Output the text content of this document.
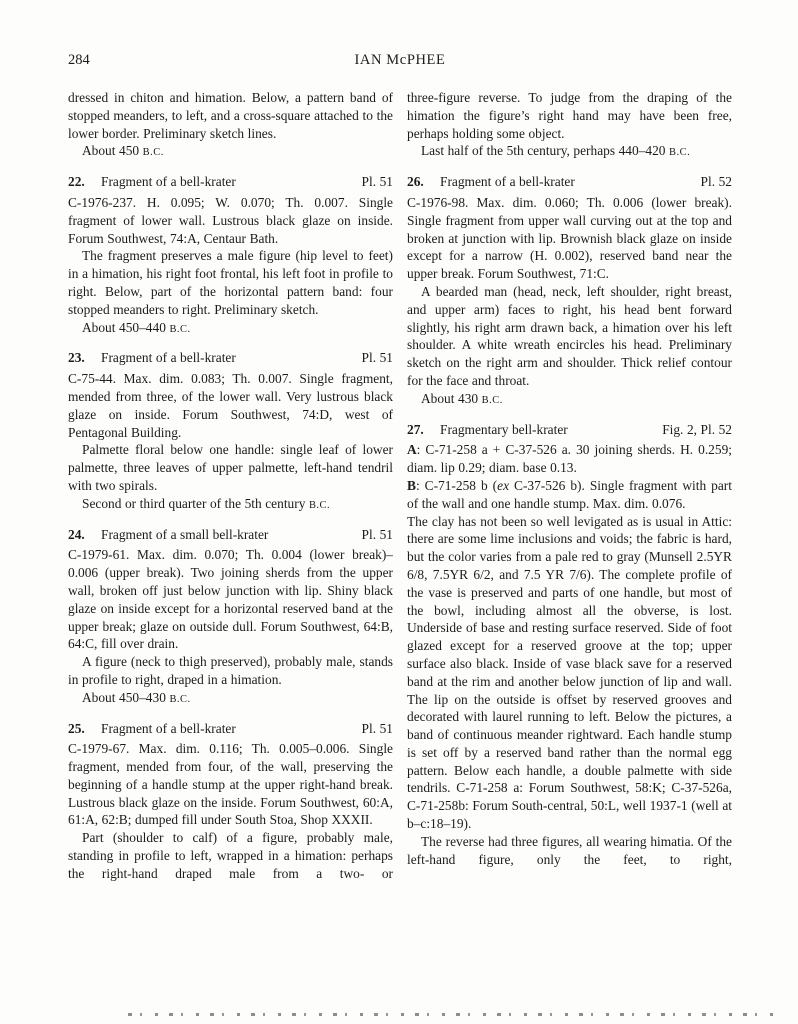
284	IAN McPHEE

dressed in chiton and himation. Below, a pattern band of stopped meanders, to left, and a cross-square attached to the lower border. Preliminary sketch lines.

About 450 B.C.

22.	Fragment of a bell-krater	Pl. 51

C-1976-237. H. 0.095; W. 0.070; Th. 0.007. Single fragment of lower wall. Lustrous black glaze on inside. Forum Southwest, 74:A, Centaur Bath.

The fragment preserves a male figure (hip level to feet) in a himation, his right foot frontal, his left foot in profile to right. Below, part of the horizontal pattern band: four stopped meanders to right. Preliminary sketch.

About 450–440 B.C.

23.	Fragment of a bell-krater	Pl. 51

C-75-44. Max. dim. 0.083; Th. 0.007. Single fragment, mended from three, of the lower wall. Very lustrous black glaze on inside. Forum Southwest, 74:D, west of Pentagonal Building.

Palmette floral below one handle: single leaf of lower palmette, three leaves of upper palmette, left-hand tendril with two spirals.

Second or third quarter of the 5th century B.C.

24.	Fragment of a small bell-krater	Pl. 51

C-1979-61. Max. dim. 0.070; Th. 0.004 (lower break)–0.006 (upper break). Two joining sherds from the upper wall, broken off just below junction with lip. Shiny black glaze on inside except for a horizontal reserved band at the upper break; glaze on outside dull. Forum Southwest, 64:B, 64:C, fill over drain.

A figure (neck to thigh preserved), probably male, stands in profile to right, draped in a himation.

About 450–430 B.C.

25.	Fragment of a bell-krater	Pl. 51

C-1979-67. Max. dim. 0.116; Th. 0.005–0.006. Single fragment, mended from four, of the wall, preserving the beginning of a handle stump at the upper right-hand break. Lustrous black glaze on the inside. Forum Southwest, 60:A, 61:A, 62:B; dumped fill under South Stoa, Shop XXXII.

Part (shoulder to calf) of a figure, probably male, standing in profile to left, wrapped in a himation: perhaps the right-hand draped male from a two- or

three-figure reverse. To judge from the draping of the himation the figure’s right hand may have been free, perhaps holding some object.

Last half of the 5th century, perhaps 440–420 B.C.

26.	Fragment of a bell-krater	Pl. 52

C-1976-98. Max. dim. 0.060; Th. 0.006 (lower break). Single fragment from upper wall curving out at the top and broken at junction with lip. Brownish black glaze on inside except for a narrow (H. 0.002), reserved band near the upper break. Forum Southwest, 71:C.

A bearded man (head, neck, left shoulder, right breast, and upper arm) faces to right, his head bent forward slightly, his right arm drawn back, a himation over his left shoulder. A white wreath encircles his head. Preliminary sketch on the right arm and shoulder. Thick relief contour for the face and throat.

About 430 B.C.

27.	Fragmentary bell-krater	Fig. 2, Pl. 52

A: C-71-258 a + C-37-526 a. 30 joining sherds. H. 0.259; diam. lip 0.29; diam. base 0.13.

B: C-71-258 b (ex C-37-526 b). Single fragment with part of the wall and one handle stump. Max. dim. 0.076.

The clay has not been so well levigated as is usual in Attic: there are some lime inclusions and voids; the fabric is hard, but the color varies from a pale red to gray (Munsell 2.5YR 6/8, 7.5YR 6/2, and 7.5 YR 7/6). The complete profile of the vase is preserved and parts of one handle, but most of the bowl, including almost all the obverse, is lost. Underside of base and resting surface reserved. Side of foot glazed except for a reserved groove at the top; upper surface also black. Inside of vase black save for a reserved band at the rim and another below junction of lip and wall. The lip on the outside is offset by reserved grooves and decorated with laurel running to left. Below the pictures, a band of continuous meander rightward. Each handle stump is set off by a reserved band rather than the normal egg pattern. Below each handle, a double palmette with side tendrils. C-71-258 a: Forum Southwest, 58:K; C-37-526a, C-71-258b: Forum South-central, 50:L, well 1937-1 (well at b–c:18–19).

The reverse had three figures, all wearing himatia. Of the left-hand figure, only the feet, to right,
